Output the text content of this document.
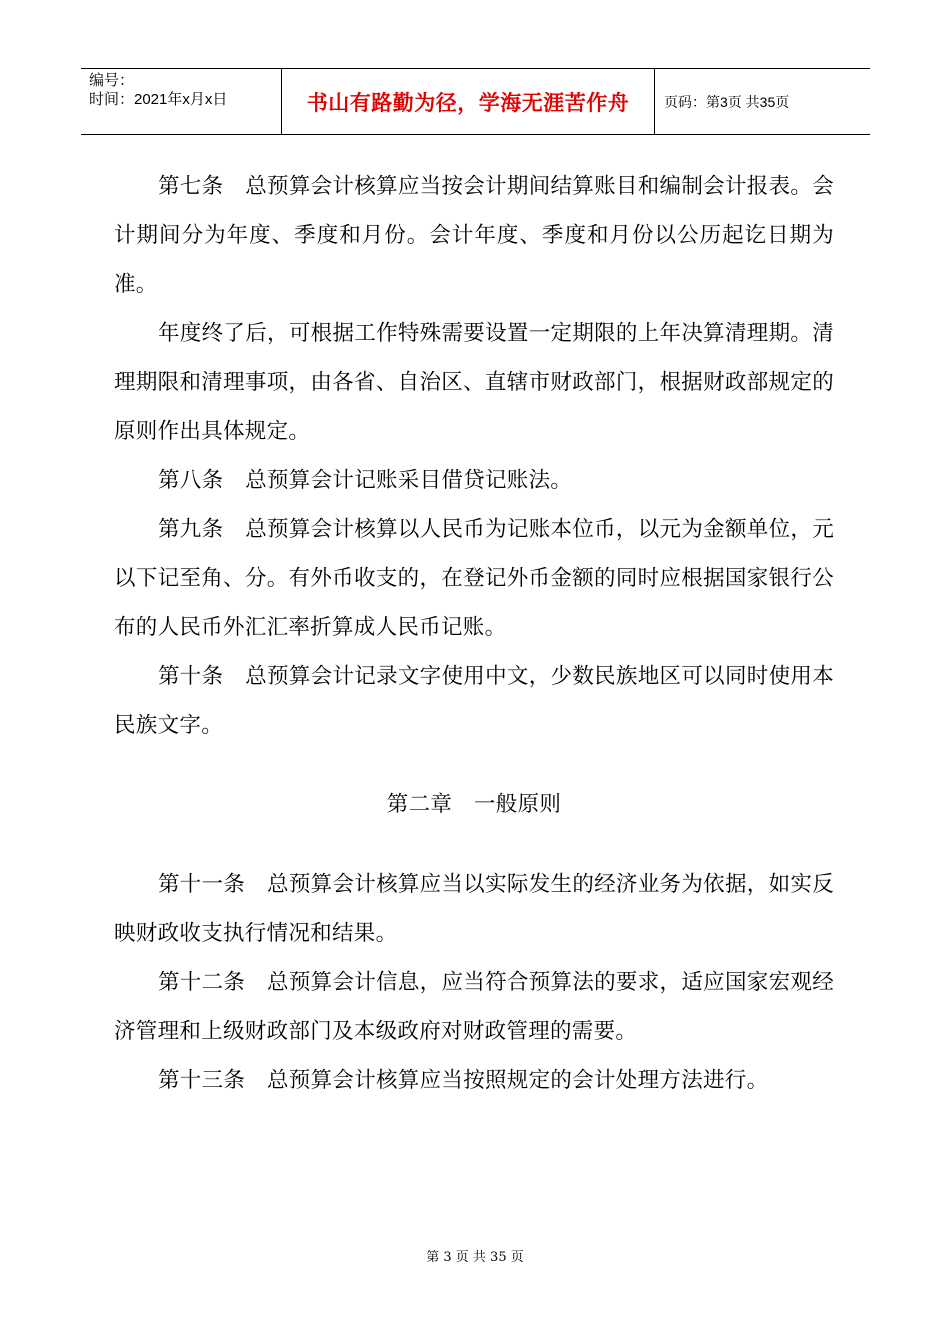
编号：
时间：2021年x月x日	书山有路勤为径，学海无涯苦作舟 页码：第3页 共35页

第七条　总预算会计核算应当按会计期间结算账目和编制会计报表。会计期间分为年度、季度和月份。会计年度、季度和月份以公历起讫日期为准。

年度终了后，可根据工作特殊需要设置一定期限的上年决算清理期。清理期限和清理事项，由各省、自治区、直辖市财政部门，根据财政部规定的原则作出具体规定。

第八条　总预算会计记账采目借贷记账法。

第九条　总预算会计核算以人民币为记账本位币，以元为金额单位，元以下记至角、分。有外币收支的，在登记外币金额的同时应根据国家银行公布的人民币外汇汇率折算成人民币记账。

第十条　总预算会计记录文字使用中文，少数民族地区可以同时使用本民族文字。

第二章　一般原则

第十一条　总预算会计核算应当以实际发生的经济业务为依据，如实反映财政收支执行情况和结果。

第十二条　总预算会计信息，应当符合预算法的要求，适应国家宏观经济管理和上级财政部门及本级政府对财政管理的需要。

第十三条　总预算会计核算应当按照规定的会计处理方法进行。

第 3 页 共 35 页
